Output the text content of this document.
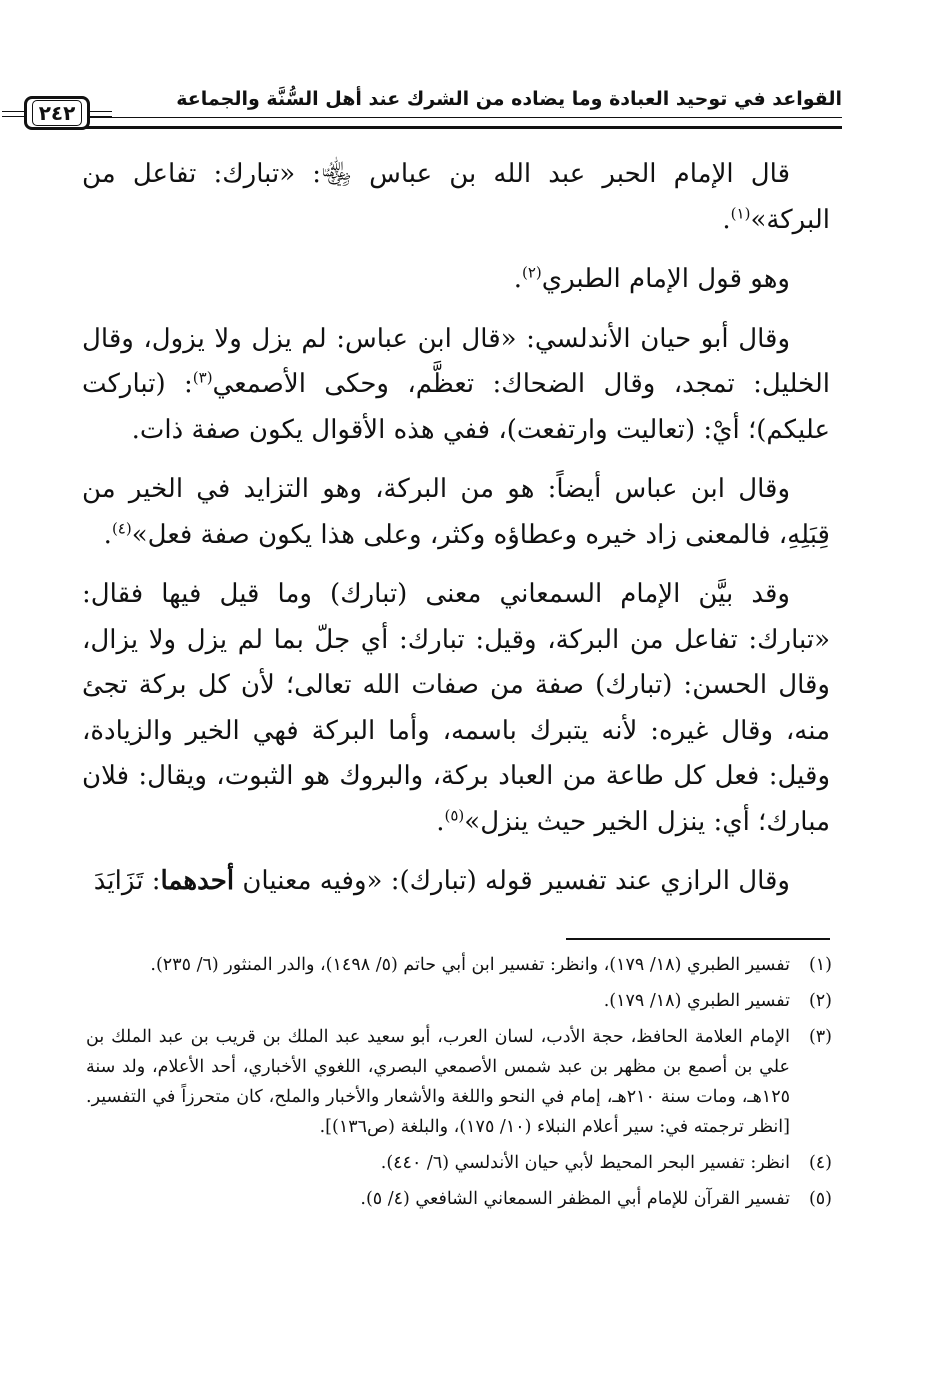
القواعد في توحيد العبادة وما يضاده من الشرك عند أهل السُّنَّة والجماعة
٢٤٢

قال الإمام الحبر عبد الله بن عباس ﵄: «تبارك: تفاعل من البركة»$^{(١)}$.

وهو قول الإمام الطبري$^{(٢)}$.

وقال أبو حيان الأندلسي: «قال ابن عباس: لم يزل ولا يزول، وقال الخليل: تمجد، وقال الضحاك: تعظَّم، وحكى الأصمعي$^{(٣)}$: (تباركت عليكم)؛ أيْ: (تعاليت وارتفعت)، ففي هذه الأقوال يكون صفة ذات.

وقال ابن عباس أيضاً: هو من البركة، وهو التزايد في الخير من قِبَلِهِ، فالمعنى زاد خيره وعطاؤه وكثر، وعلى هذا يكون صفة فعل»$^{(٤)}$.

وقد بيَّن الإمام السمعاني معنى (تبارك) وما قيل فيها فقال: «تبارك: تفاعل من البركة، وقيل: تبارك: أي جلّ بما لم يزل ولا يزال، وقال الحسن: (تبارك) صفة من صفات الله تعالى؛ لأن كل بركة تجئ منه، وقال غيره: لأنه يتبرك باسمه، وأما البركة فهي الخير والزيادة، وقيل: فعل كل طاعة من العباد بركة، والبروك هو الثبوت، ويقال: فلان مبارك؛ أي: ينزل الخير حيث ينزل»$^{(٥)}$.

وقال الرازي عند تفسير قوله (تبارك): «وفيه معنيان أحدهما: تَزَايَدَ

(١)
تفسير الطبري (١٨/ ١٧٩)، وانظر: تفسير ابن أبي حاتم (٥/ ١٤٩٨)، والدر المنثور (٦/ ٢٣٥).
(٢)
تفسير الطبري (١٨/ ١٧٩).
(٣)
الإمام العلامة الحافظ، حجة الأدب، لسان العرب، أبو سعيد عبد الملك بن قريب بن عبد الملك بن علي بن أصمع بن مظهر بن عبد شمس الأصمعي البصري، اللغوي الأخباري، أحد الأعلام، ولد سنة ١٢٥هـ، ومات سنة ٢١٠هـ، إمام في النحو واللغة والأشعار والأخبار والملح، كان متحرزاً في التفسير. [انظر ترجمته في: سير أعلام النبلاء (١٠/ ١٧٥)، والبلغة (ص١٣٦)].
(٤)
انظر: تفسير البحر المحيط لأبي حيان الأندلسي (٦/ ٤٤٠).
(٥)
تفسير القرآن للإمام أبي المظفر السمعاني الشافعي (٤/ ٥).
